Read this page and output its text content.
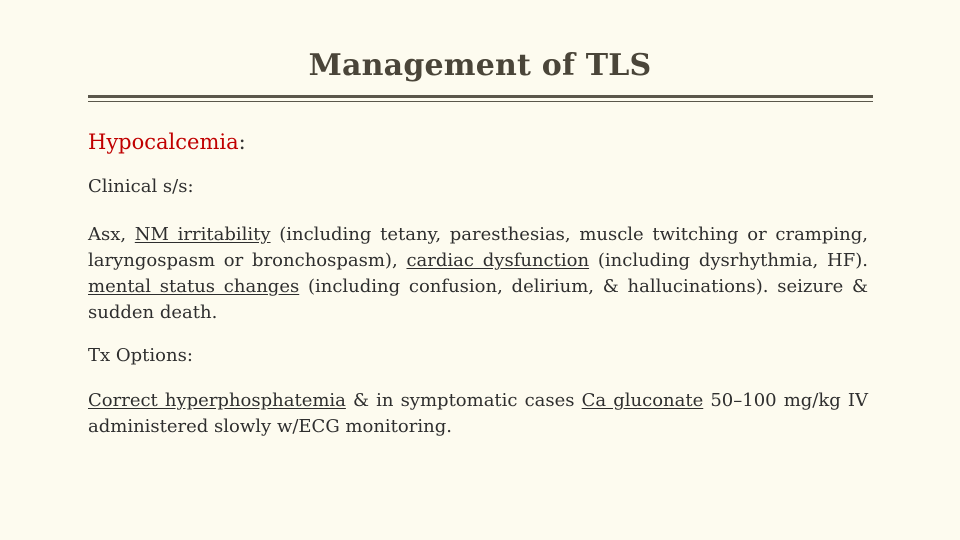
Management of TLS
Hypocalcemia:
Clinical s/s:

Asx, NM irritability (including tetany, paresthesias, muscle twitching or cramping, laryngospasm or bronchospasm), cardiac dysfunction (including dysrhythmia, HF). mental status changes (including confusion, delirium, & hallucinations). seizure & sudden death.

Tx Options:

Correct hyperphosphatemia & in symptomatic cases Ca gluconate 50–100 mg/kg IV administered slowly w/ECG monitoring.
